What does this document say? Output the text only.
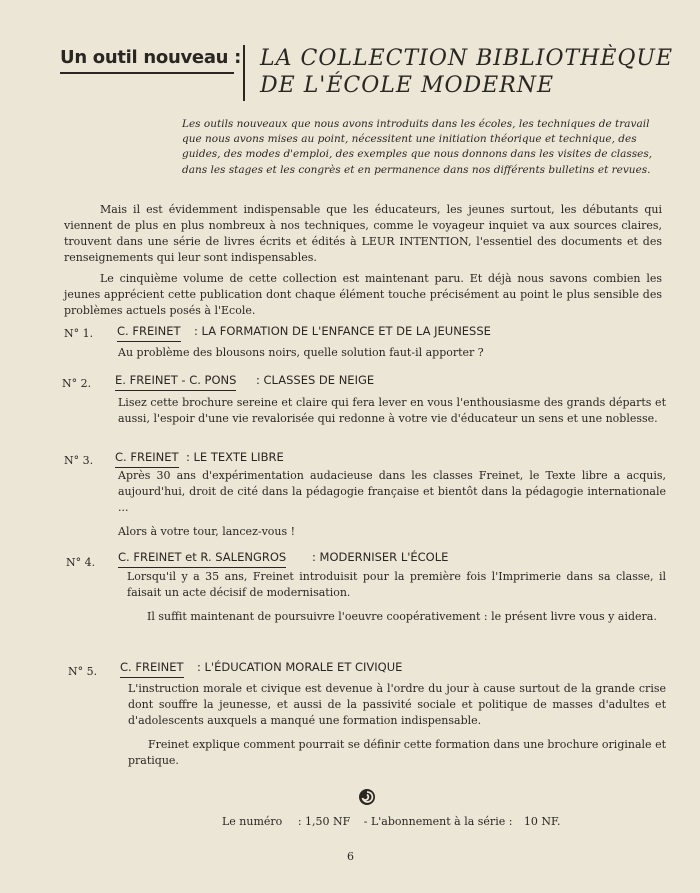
Un outil nouveau : LA COLLECTION BIBLIOTHÈQUE
DE L'ÉCOLE MODERNE

Les outils nouveaux que nous avons introduits dans les écoles, les techniques de travail que nous avons mises au point, nécessitent une initiation théorique et technique, des guides, des modes d'emploi, des exemples que nous donnons dans les visites de classes, dans les stages et les congrès et en permanence dans nos différents bulletins et revues.

Mais il est évidemment indispensable que les éducateurs, les jeunes surtout, les débutants qui viennent de plus en plus nombreux à nos techniques, comme le voyageur inquiet va aux sources claires, trouvent dans une série de livres écrits et édités à LEUR INTENTION, l'essentiel des documents et des renseignements qui leur sont indispensables.

Le cinquième volume de cette collection est maintenant paru. Et déjà nous savons combien les jeunes apprécient cette publication dont chaque élément touche précisément au point le plus sensible des problèmes actuels posés à l'Ecole.

N° 1. C. FREINET : LA FORMATION DE L'ENFANCE ET DE LA JEUNESSE

Au problème des blousons noirs, quelle solution faut-il apporter ?

N° 2. E. FREINET - C. PONS : CLASSES DE NEIGE

Lisez cette brochure sereine et claire qui fera lever en vous l'enthousiasme des grands départs et aussi, l'espoir d'une vie revalorisée qui redonne à votre vie d'éducateur un sens et une noblesse.

N° 3. C. FREINET : LE TEXTE LIBRE

Après 30 ans d'expérimentation audacieuse dans les classes Freinet, le Texte libre a acquis, aujourd'hui, droit de cité dans la pédagogie française et bientôt dans la pédagogie internationale ...

Alors à votre tour, lancez-vous !

N° 4. C. FREINET et R. SALENGROS : MODERNISER L'ÉCOLE

Lorsqu'il y a 35 ans, Freinet introduisit pour la première fois l'Imprimerie dans sa classe, il faisait un acte décisif de modernisation.

Il suffit maintenant de poursuivre l'oeuvre coopérativement : le présent livre vous y aidera.

N° 5. C. FREINET : L'ÉDUCATION MORALE ET CIVIQUE

L'instruction morale et civique est devenue à l'ordre du jour à cause surtout de la grande crise dont souffre la jeunesse, et aussi de la passivité sociale et politique de masses d'adultes et d'adolescents auxquels a manqué une formation indispensable.

Freinet explique comment pourrait se définir cette formation dans une brochure originale et pratique.

Le numéro : 1,50 NF - L'abonnement à la série : 10 NF.
6
